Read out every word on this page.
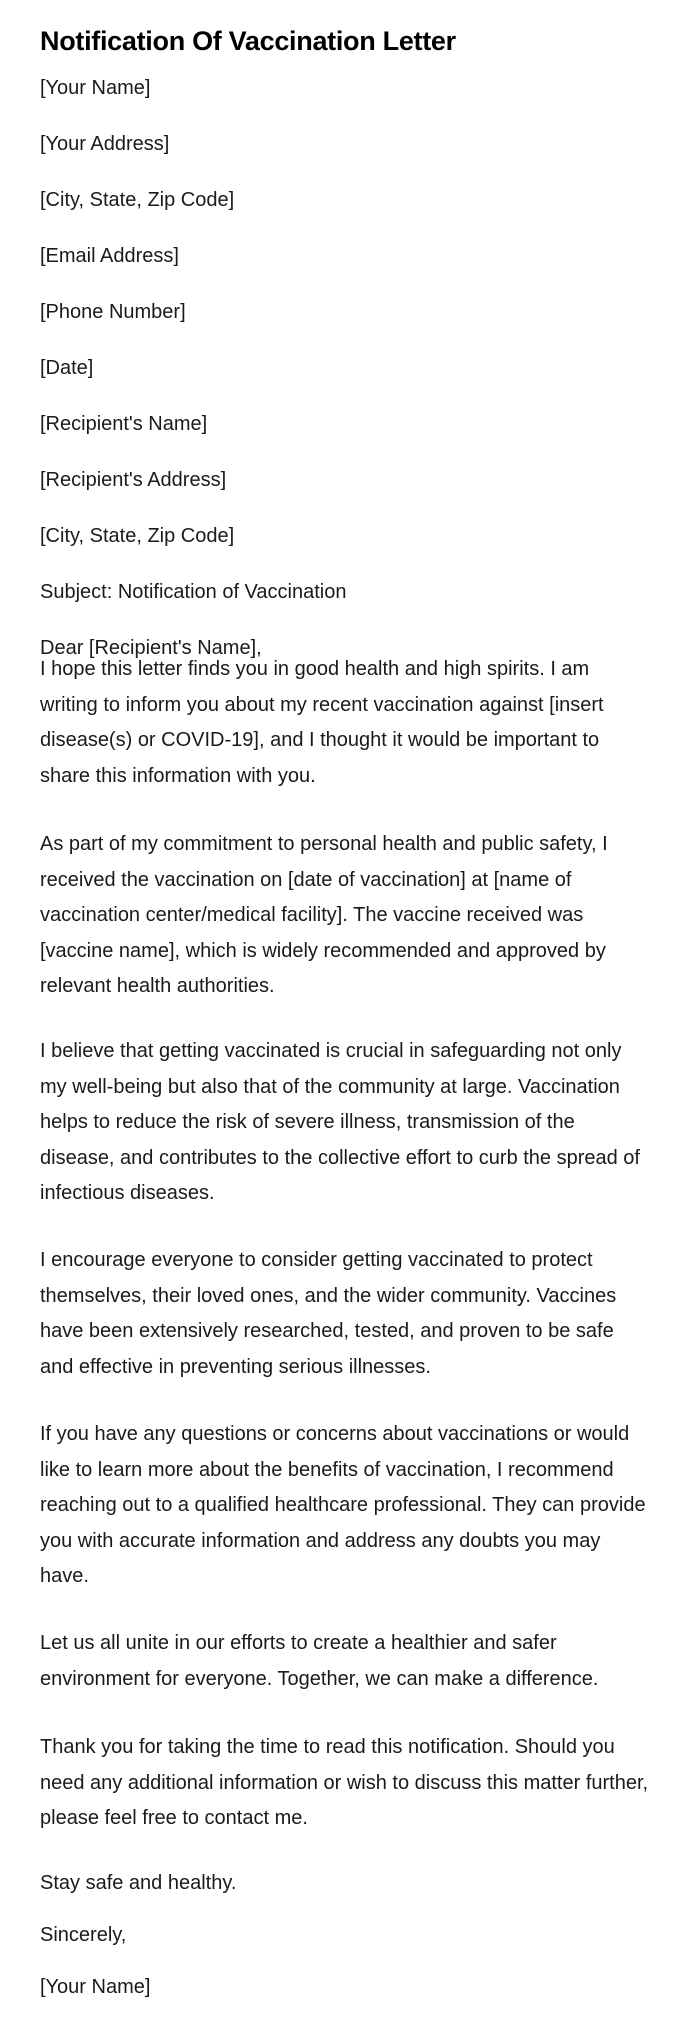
Notification Of Vaccination Letter

[Your Name]

[Your Address]

[City, State, Zip Code]

[Email Address]

[Phone Number]

[Date]

[Recipient's Name]

[Recipient's Address]

[City, State, Zip Code]

Subject: Notification of Vaccination

Dear [Recipient's Name],

I hope this letter finds you in good health and high spirits. I am writing to inform you about my recent vaccination against [insert disease(s) or COVID-19], and I thought it would be important to share this information with you.

As part of my commitment to personal health and public safety, I received the vaccination on [date of vaccination] at [name of vaccination center/medical facility]. The vaccine received was [vaccine name], which is widely recommended and approved by relevant health authorities.

I believe that getting vaccinated is crucial in safeguarding not only my well-being but also that of the community at large. Vaccination helps to reduce the risk of severe illness, transmission of the disease, and contributes to the collective effort to curb the spread of infectious diseases.

I encourage everyone to consider getting vaccinated to protect themselves, their loved ones, and the wider community. Vaccines have been extensively researched, tested, and proven to be safe and effective in preventing serious illnesses.

If you have any questions or concerns about vaccinations or would like to learn more about the benefits of vaccination, I recommend reaching out to a qualified healthcare professional. They can provide you with accurate information and address any doubts you may have.

Let us all unite in our efforts to create a healthier and safer environment for everyone. Together, we can make a difference.

Thank you for taking the time to read this notification. Should you need any additional information or wish to discuss this matter further, please feel free to contact me.

Stay safe and healthy.

Sincerely,

[Your Name]
